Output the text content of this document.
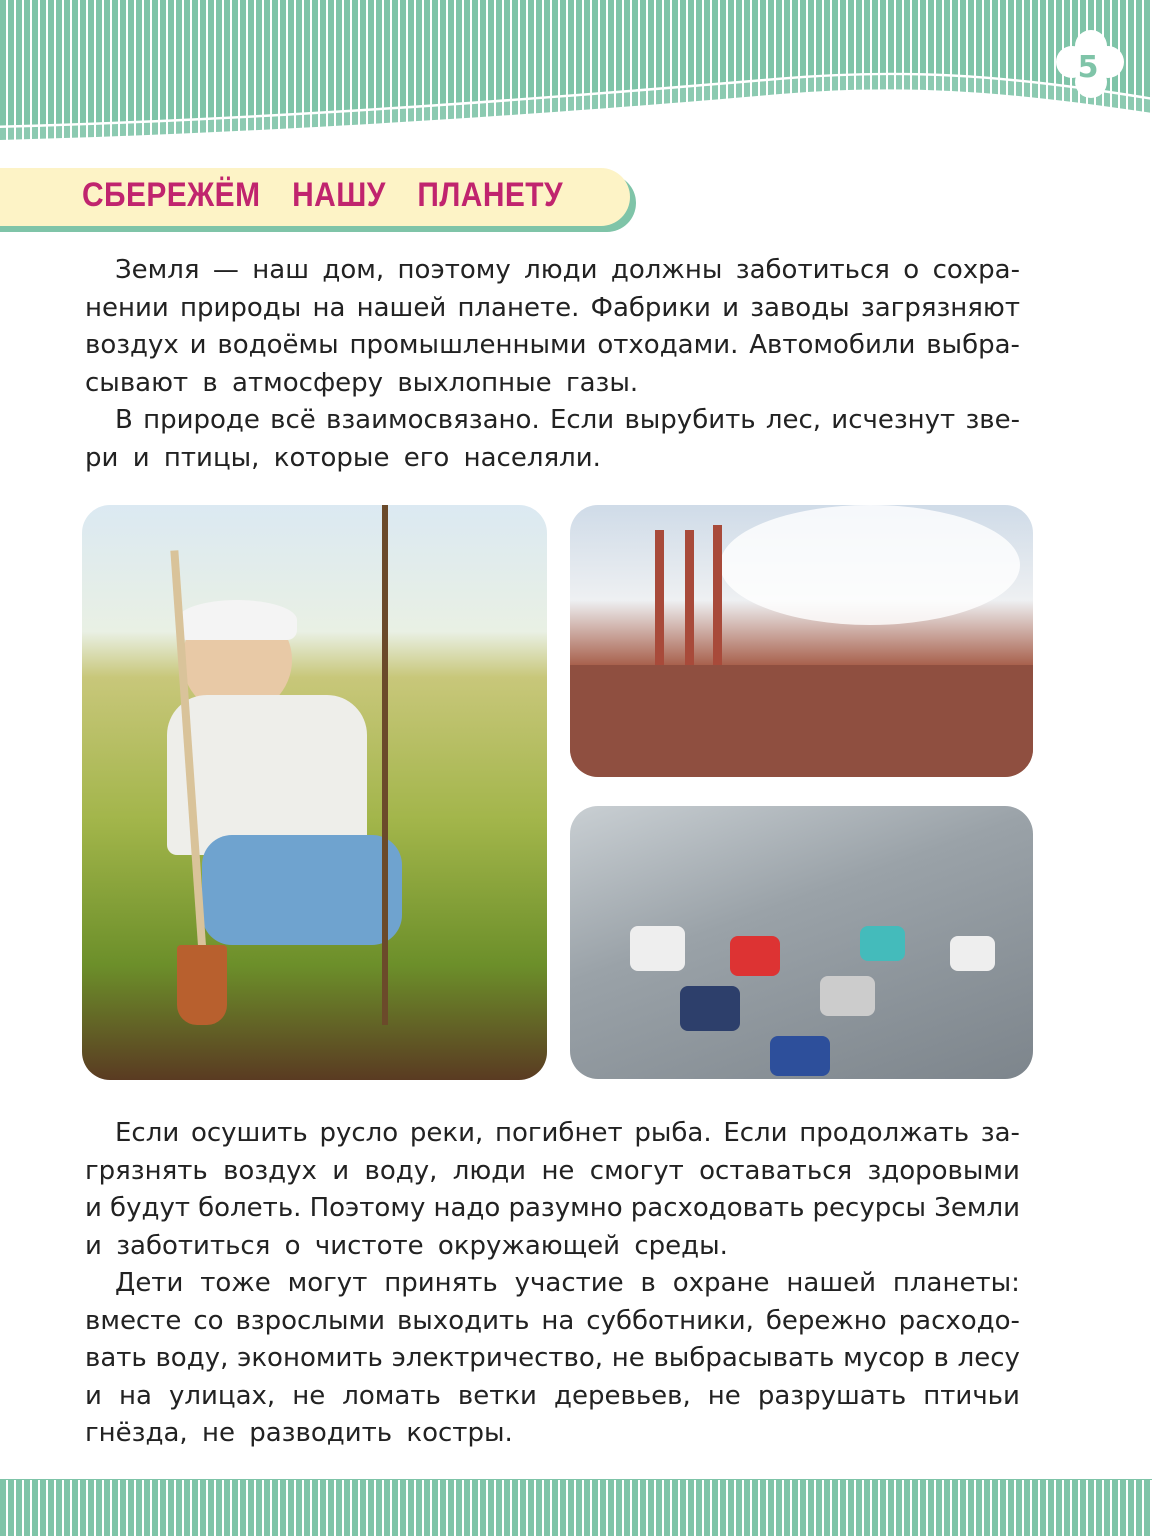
5
СБЕРЕЖЁМ НАШУ ПЛАНЕТУ
Земля — наш дом, поэтому люди должны заботиться о сохра-
нении природы на нашей планете. Фабрики и заводы загрязняют
воздух и водоёмы промышленными отходами. Автомобили выбра-
сывают в атмосферу выхлопные газы.
В природе всё взаимосвязано. Если вырубить лес, исчезнут зве-
ри и птицы, которые его населяли.
Если осушить русло реки, погибнет рыба. Если продолжать за-
грязнять воздух и воду, люди не смогут оставаться здоровыми
и будут болеть. Поэтому надо разумно расходовать ресурсы Земли
и заботиться о чистоте окружающей среды.
Дети тоже могут принять участие в охране нашей планеты:
вместе со взрослыми выходить на субботники, бережно расходо-
вать воду, экономить электричество, не выбрасывать мусор в лесу
и на улицах, не ломать ветки деревьев, не разрушать птичьи
гнёзда, не разводить костры.
